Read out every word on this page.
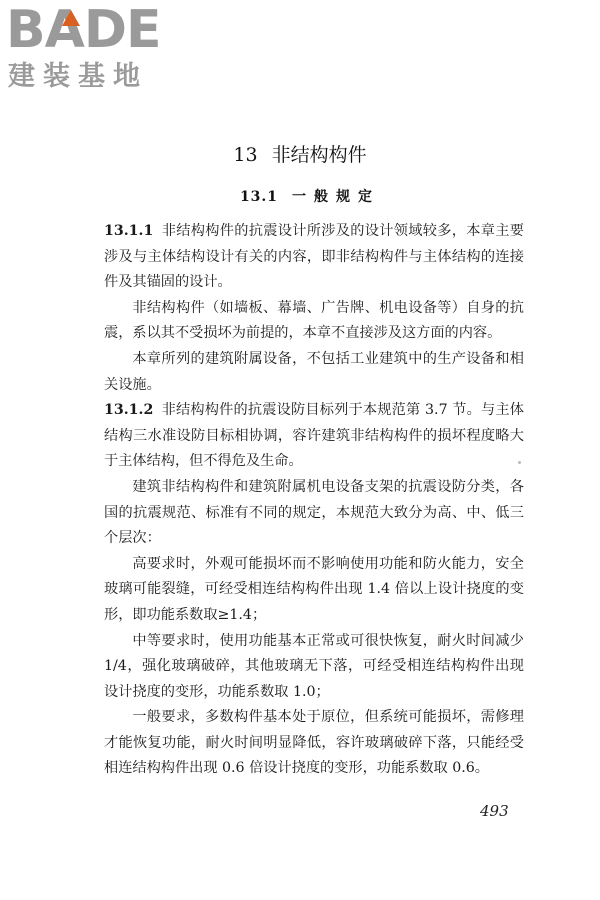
BADE
建装基地
13 非结构构件
13.1 一般规定

13.1.1 非结构构件的抗震设计所涉及的设计领域较多，本章主要涉及与主体结构设计有关的内容，即非结构构件与主体结构的连接件及其锚固的设计。

非结构构件（如墙板、幕墙、广告牌、机电设备等）自身的抗震，系以其不受损坏为前提的，本章不直接涉及这方面的内容。

本章所列的建筑附属设备，不包括工业建筑中的生产设备和相关设施。

13.1.2 非结构构件的抗震设防目标列于本规范第 3.7 节。与主体结构三水准设防目标相协调，容许建筑非结构构件的损坏程度略大于主体结构，但不得危及生命。

建筑非结构构件和建筑附属机电设备支架的抗震设防分类，各国的抗震规范、标准有不同的规定，本规范大致分为高、中、低三个层次：

高要求时，外观可能损坏而不影响使用功能和防火能力，安全玻璃可能裂缝，可经受相连结构构件出现 1.4 倍以上设计挠度的变形，即功能系数取≥1.4；

中等要求时，使用功能基本正常或可很快恢复，耐火时间减少 1/4，强化玻璃破碎，其他玻璃无下落，可经受相连结构构件出现设计挠度的变形，功能系数取 1.0；

一般要求，多数构件基本处于原位，但系统可能损坏，需修理才能恢复功能，耐火时间明显降低，容许玻璃破碎下落，只能经受相连结构构件出现 0.6 倍设计挠度的变形，功能系数取 0.6。

493
